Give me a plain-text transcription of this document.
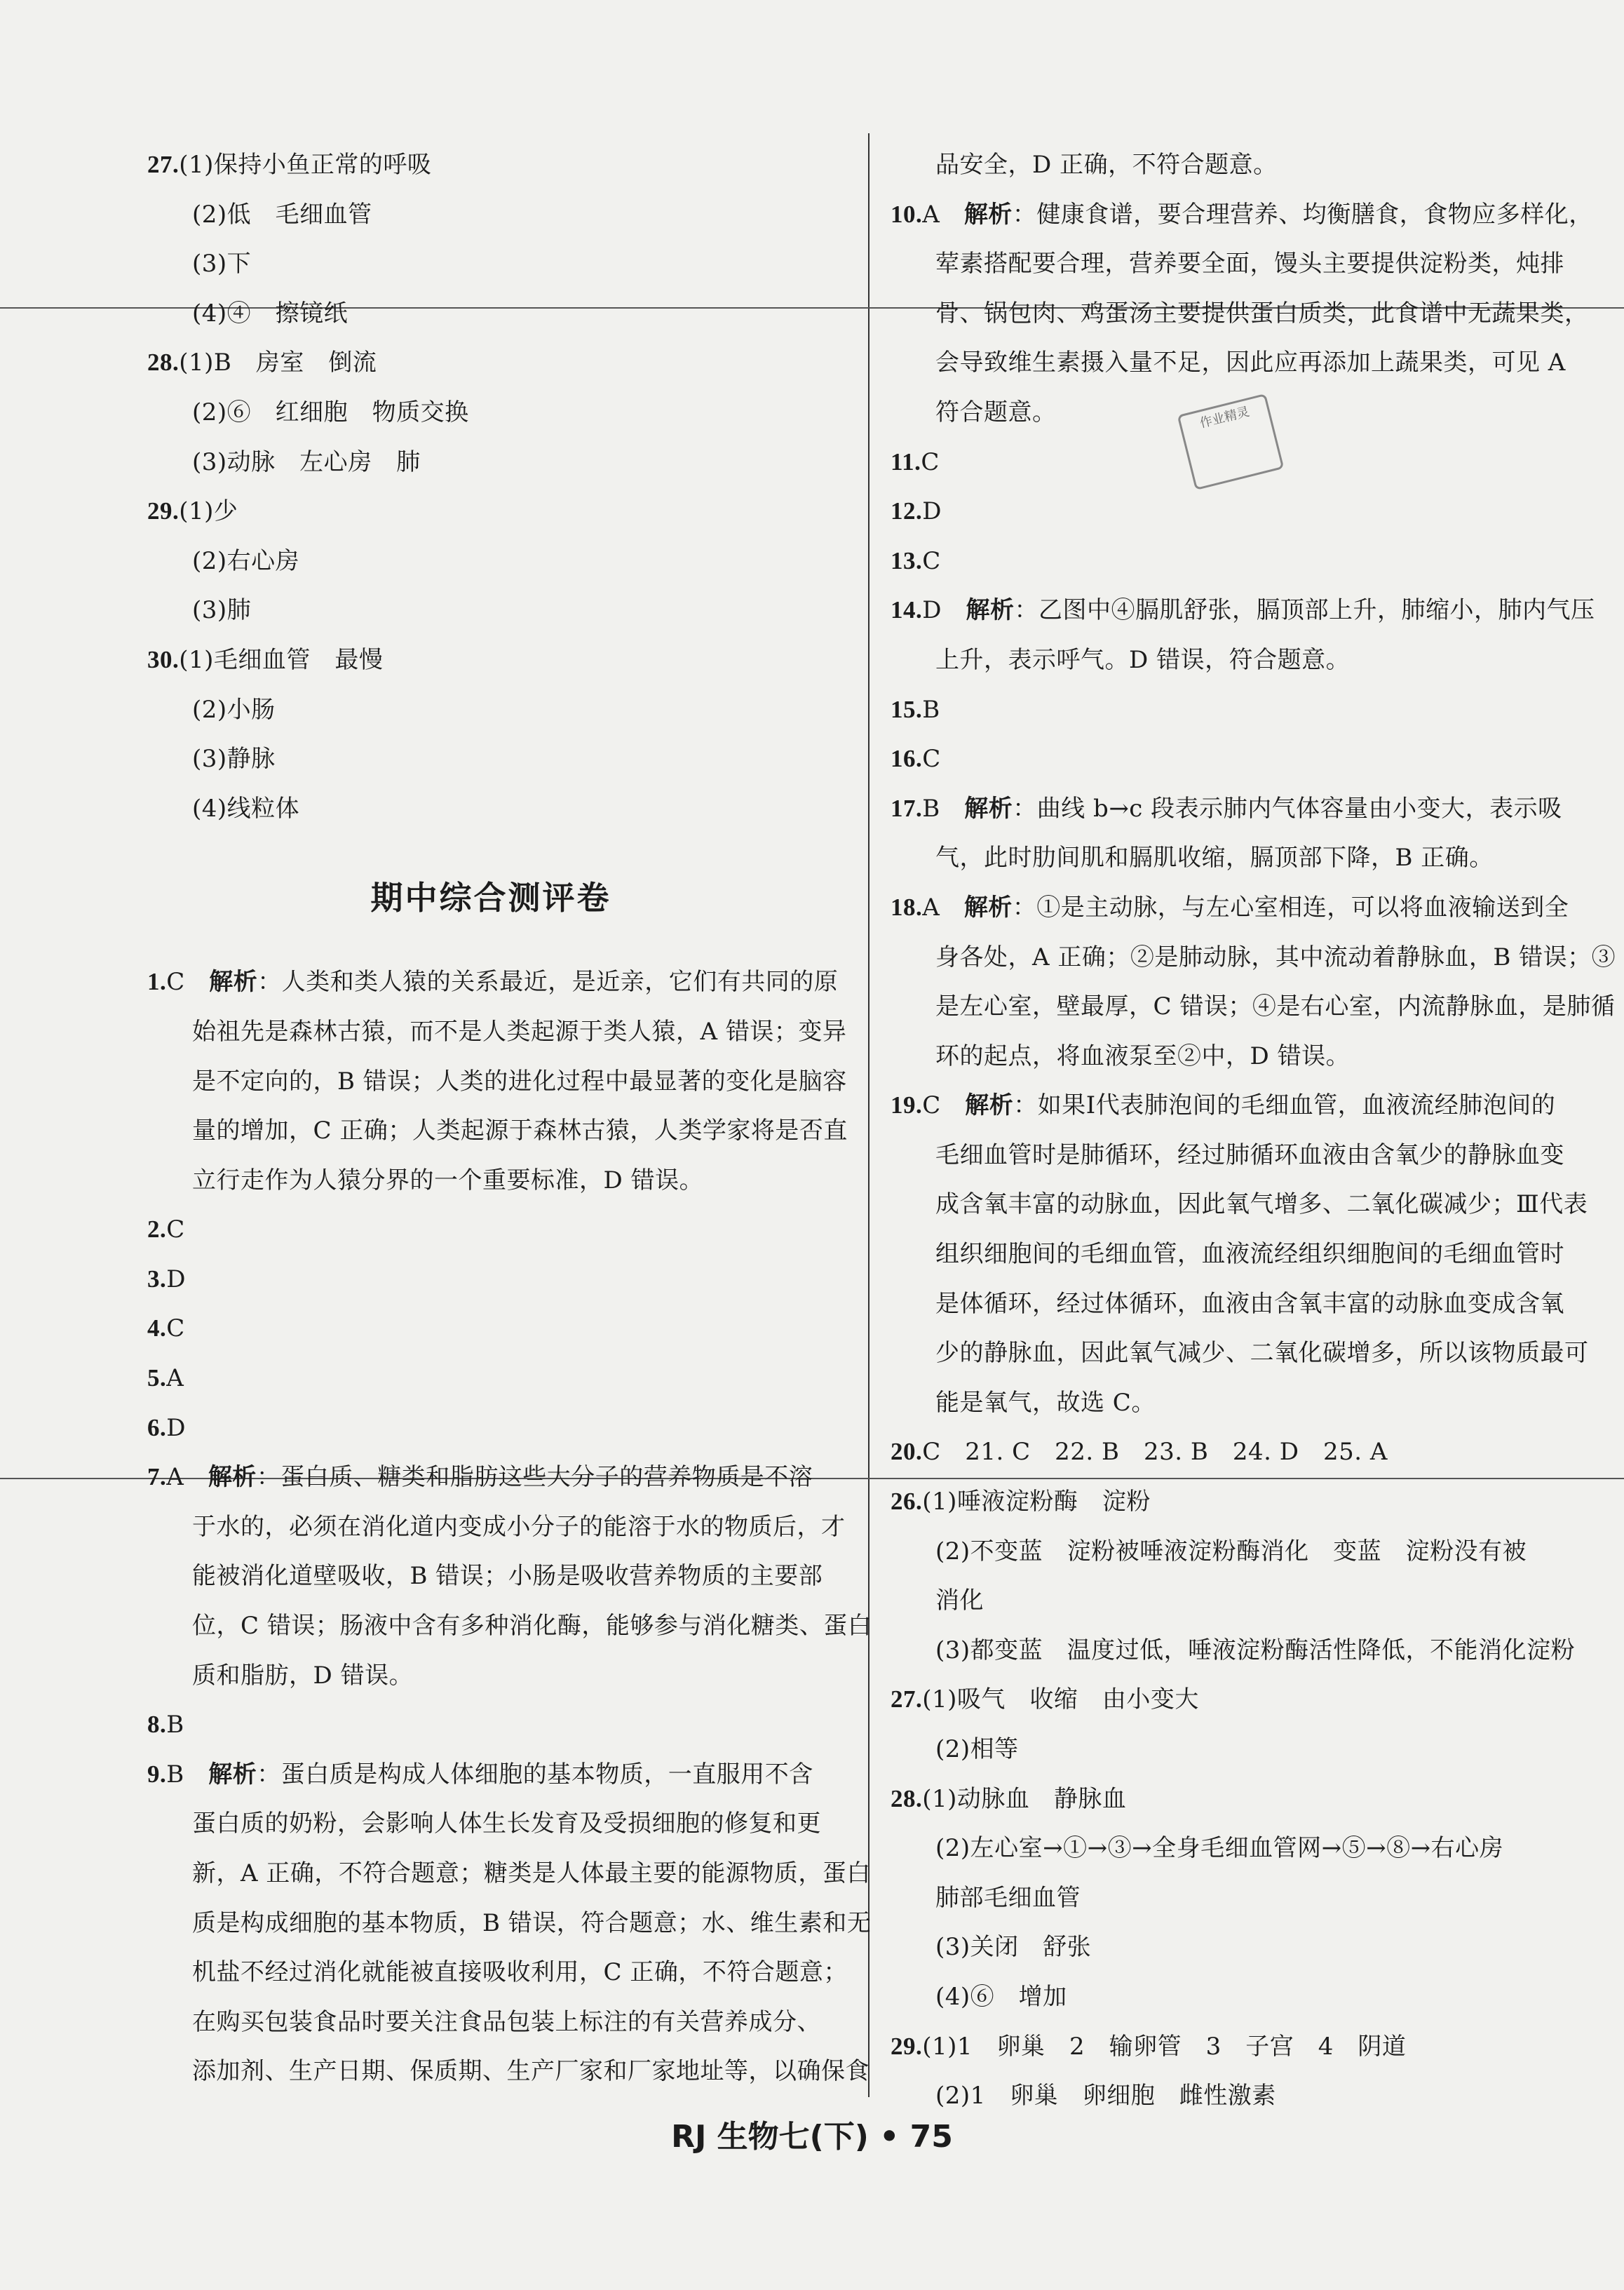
27.(1)保持小鱼正常的呼吸
(2)低　毛细血管
(3)下
(4)④　擦镜纸
28.(1)B　房室　倒流
(2)⑥　红细胞　物质交换
(3)动脉　左心房　肺
29.(1)少
(2)右心房
(3)肺
30.(1)毛细血管　最慢
(2)小肠
(3)静脉
(4)线粒体
期中综合测评卷
1.C　解析：人类和类人猿的关系最近，是近亲，它们有共同的原
始祖先是森林古猿，而不是人类起源于类人猿，A 错误；变异
是不定向的，B 错误；人类的进化过程中最显著的变化是脑容
量的增加，C 正确；人类起源于森林古猿，人类学家将是否直
立行走作为人猿分界的一个重要标准，D 错误。
2.C
3.D
4.C
5.A
6.D
7.A　解析：蛋白质、糖类和脂肪这些大分子的营养物质是不溶
于水的，必须在消化道内变成小分子的能溶于水的物质后，才
能被消化道壁吸收，B 错误；小肠是吸收营养物质的主要部
位，C 错误；肠液中含有多种消化酶，能够参与消化糖类、蛋白
质和脂肪，D 错误。
8.B
9.B　解析：蛋白质是构成人体细胞的基本物质，一直服用不含
蛋白质的奶粉，会影响人体生长发育及受损细胞的修复和更
新，A 正确，不符合题意；糖类是人体最主要的能源物质，蛋白
质是构成细胞的基本物质，B 错误，符合题意；水、维生素和无
机盐不经过消化就能被直接吸收利用，C 正确，不符合题意；
在购买包装食品时要关注食品包装上标注的有关营养成分、
添加剂、生产日期、保质期、生产厂家和厂家地址等，以确保食
品安全，D 正确，不符合题意。
10.A　解析：健康食谱，要合理营养、均衡膳食，食物应多样化，
荤素搭配要合理，营养要全面，馒头主要提供淀粉类，炖排
骨、锅包肉、鸡蛋汤主要提供蛋白质类，此食谱中无蔬果类，
会导致维生素摄入量不足，因此应再添加上蔬果类，可见 A
符合题意。
11.C
12.D
13.C
14.D　解析：乙图中④膈肌舒张，膈顶部上升，肺缩小，肺内气压
上升，表示呼气。D 错误，符合题意。
15.B
16.C
17.B　解析：曲线 b→c 段表示肺内气体容量由小变大，表示吸
气，此时肋间肌和膈肌收缩，膈顶部下降，B 正确。
18.A　解析：①是主动脉，与左心室相连，可以将血液输送到全
身各处，A 正确；②是肺动脉，其中流动着静脉血，B 错误；③
是左心室，壁最厚，C 错误；④是右心室，内流静脉血，是肺循
环的起点，将血液泵至②中，D 错误。
19.C　解析：如果Ⅰ代表肺泡间的毛细血管，血液流经肺泡间的
毛细血管时是肺循环，经过肺循环血液由含氧少的静脉血变
成含氧丰富的动脉血，因此氧气增多、二氧化碳减少；Ⅲ代表
组织细胞间的毛细血管，血液流经组织细胞间的毛细血管时
是体循环，经过体循环，血液由含氧丰富的动脉血变成含氧
少的静脉血，因此氧气减少、二氧化碳增多，所以该物质最可
能是氧气，故选 C。
20.C　21. C　22. B　23. B　24. D　25. A
26.(1)唾液淀粉酶　淀粉
(2)不变蓝　淀粉被唾液淀粉酶消化　变蓝　淀粉没有被
消化
(3)都变蓝　温度过低，唾液淀粉酶活性降低，不能消化淀粉
27.(1)吸气　收缩　由小变大
(2)相等
28.(1)动脉血　静脉血
(2)左心室→①→③→全身毛细血管网→⑤→⑧→右心房
肺部毛细血管
(3)关闭　舒张
(4)⑥　增加
29.(1)1　卵巢　2　输卵管　3　子宫　4　阴道
(2)1　卵巢　卵细胞　雌性激素
作业精灵
RJ 生物七(下) • 75
